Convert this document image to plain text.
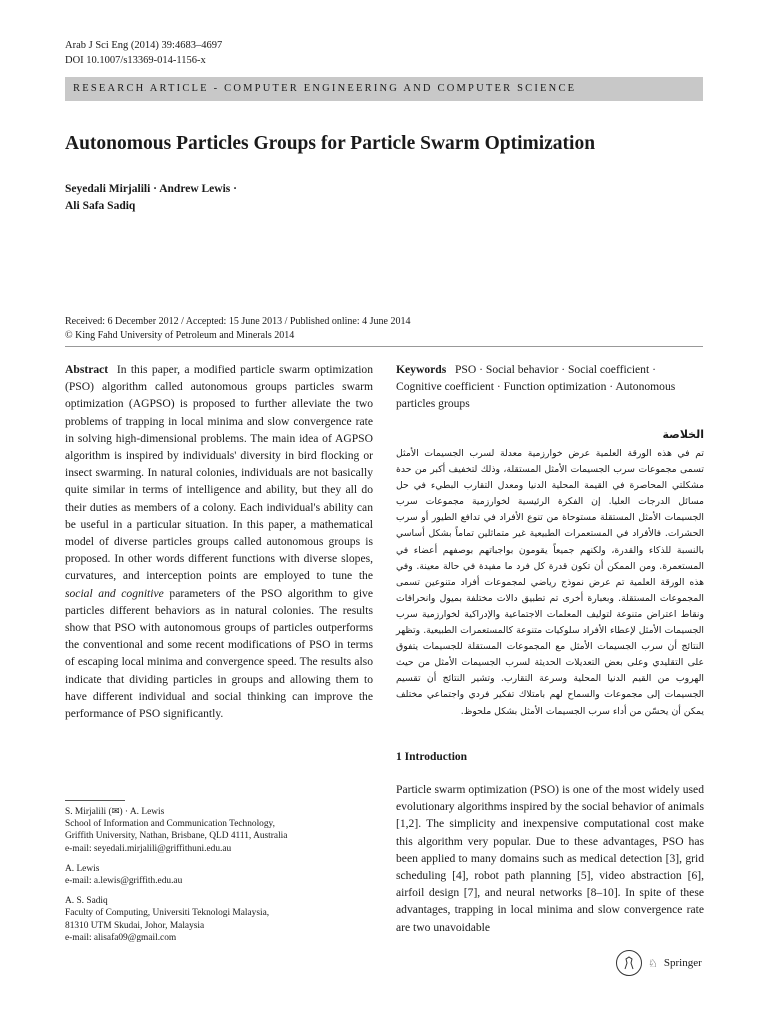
Arab J Sci Eng (2014) 39:4683–4697
DOI 10.1007/s13369-014-1156-x
RESEARCH ARTICLE - COMPUTER ENGINEERING AND COMPUTER SCIENCE
Autonomous Particles Groups for Particle Swarm Optimization
Seyedali Mirjalili · Andrew Lewis ·
Ali Safa Sadiq
Received: 6 December 2012 / Accepted: 15 June 2013 / Published online: 4 June 2014
© King Fahd University of Petroleum and Minerals 2014
Abstract In this paper, a modified particle swarm optimization (PSO) algorithm called autonomous groups particles swarm optimization (AGPSO) is proposed to further alleviate the two problems of trapping in local minima and slow convergence rate in solving high-dimensional problems. The main idea of AGPSO algorithm is inspired by individuals' diversity in bird flocking or insect swarming. In natural colonies, individuals are not basically quite similar in terms of intelligence and ability, but they all do their duties as members of a colony. Each individual's ability can be useful in a particular situation. In this paper, a mathematical model of diverse particles groups called autonomous groups is proposed. In other words different functions with diverse slopes, curvatures, and interception points are employed to tune the social and cognitive parameters of the PSO algorithm to give particles different behaviors as in natural colonies. The results show that PSO with autonomous groups of particles outperforms the conventional and some recent modifications of PSO in terms of escaping local minima and convergence speed. The results also indicate that dividing particles in groups and allowing them to have different individual and social thinking can improve the performance of PSO significantly.
Keywords PSO · Social behavior · Social coefficient · Cognitive coefficient · Function optimization · Autonomous particles groups
الخلاصة
تم في هذه الورقة العلمية عرض خوارزمية معدلة لسرب الجسيمات الأمثل تسمى مجموعات سرب الجسيمات الأمثل المستقلة، وذلك لتخفيف أكبر من حدة مشكلتي المحاصرة في القيمة المحلية الدنيا ومعدل التقارب البطيء في حل مسائل الدرجات العليا. إن الفكرة الرئيسية لخوارزمية مجموعات سرب الجسيمات الأمثل المستقلة مستوحاة من تنوع الأفراد في تدافع الطيور أو سرب الحشرات. فالأفراد في المستعمرات الطبيعية غير متماثلين تماماً بشكل أساسي بالنسبة للذكاء والقدرة، ولكنهم جميعاً يقومون بواجباتهم بوصفهم أعضاء في المستعمرة. ومن الممكن أن تكون قدرة كل فرد ما مفيدة في حالة معينة. وفي هذه الورقة العلمية تم عرض نموذج رياضي لمجموعات أفراد متنوعين تسمى المجموعات المستقلة. وبعبارة أخرى تم تطبيق دالات مختلفة بميول وانحرافات ونقاط اعتراض متنوعة لتوليف المعلمات الاجتماعية والإدراكية لخوارزمية سرب الجسيمات الأمثل لإعطاء الأفراد سلوكيات متنوعة كالمستعمرات الطبيعية. وتظهر النتائج أن سرب الجسيمات الأمثل مع المجموعات المستقلة للجسيمات يتفوق على التقليدي وعلى بعض التعديلات الحديثة لسرب الجسيمات الأمثل من حيث الهروب من القيم الدنيا المحلية وسرعة التقارب. وتشير النتائج أن تقسيم الجسيمات إلى مجموعات والسماح لهم بامتلاك تفكير فردي واجتماعي مختلف يمكن أن يحسّن من أداء سرب الجسيمات الأمثل بشكل ملحوظ.
S. Mirjalili (✉) · A. Lewis
School of Information and Communication Technology,
Griffith University, Nathan, Brisbane, QLD 4111, Australia
e-mail: seyedali.mirjalili@griffithuni.edu.au
A. Lewis
e-mail: a.lewis@griffith.edu.au
A. S. Sadiq
Faculty of Computing, Universiti Teknologi Malaysia,
81310 UTM Skudai, Johor, Malaysia
e-mail: alisafa09@gmail.com
1 Introduction
Particle swarm optimization (PSO) is one of the most widely used evolutionary algorithms inspired by the social behavior of animals [1,2]. The simplicity and inexpensive computational cost make this algorithm very popular. Due to these advantages, PSO has been applied to many domains such as medical detection [3], grid scheduling [4], robot path planning [5], video abstraction [6], airfoil design [7], and neural networks [8–10]. In spite of these advantages, trapping in local minima and slow convergence rate are two unavoidable
♘ Springer
